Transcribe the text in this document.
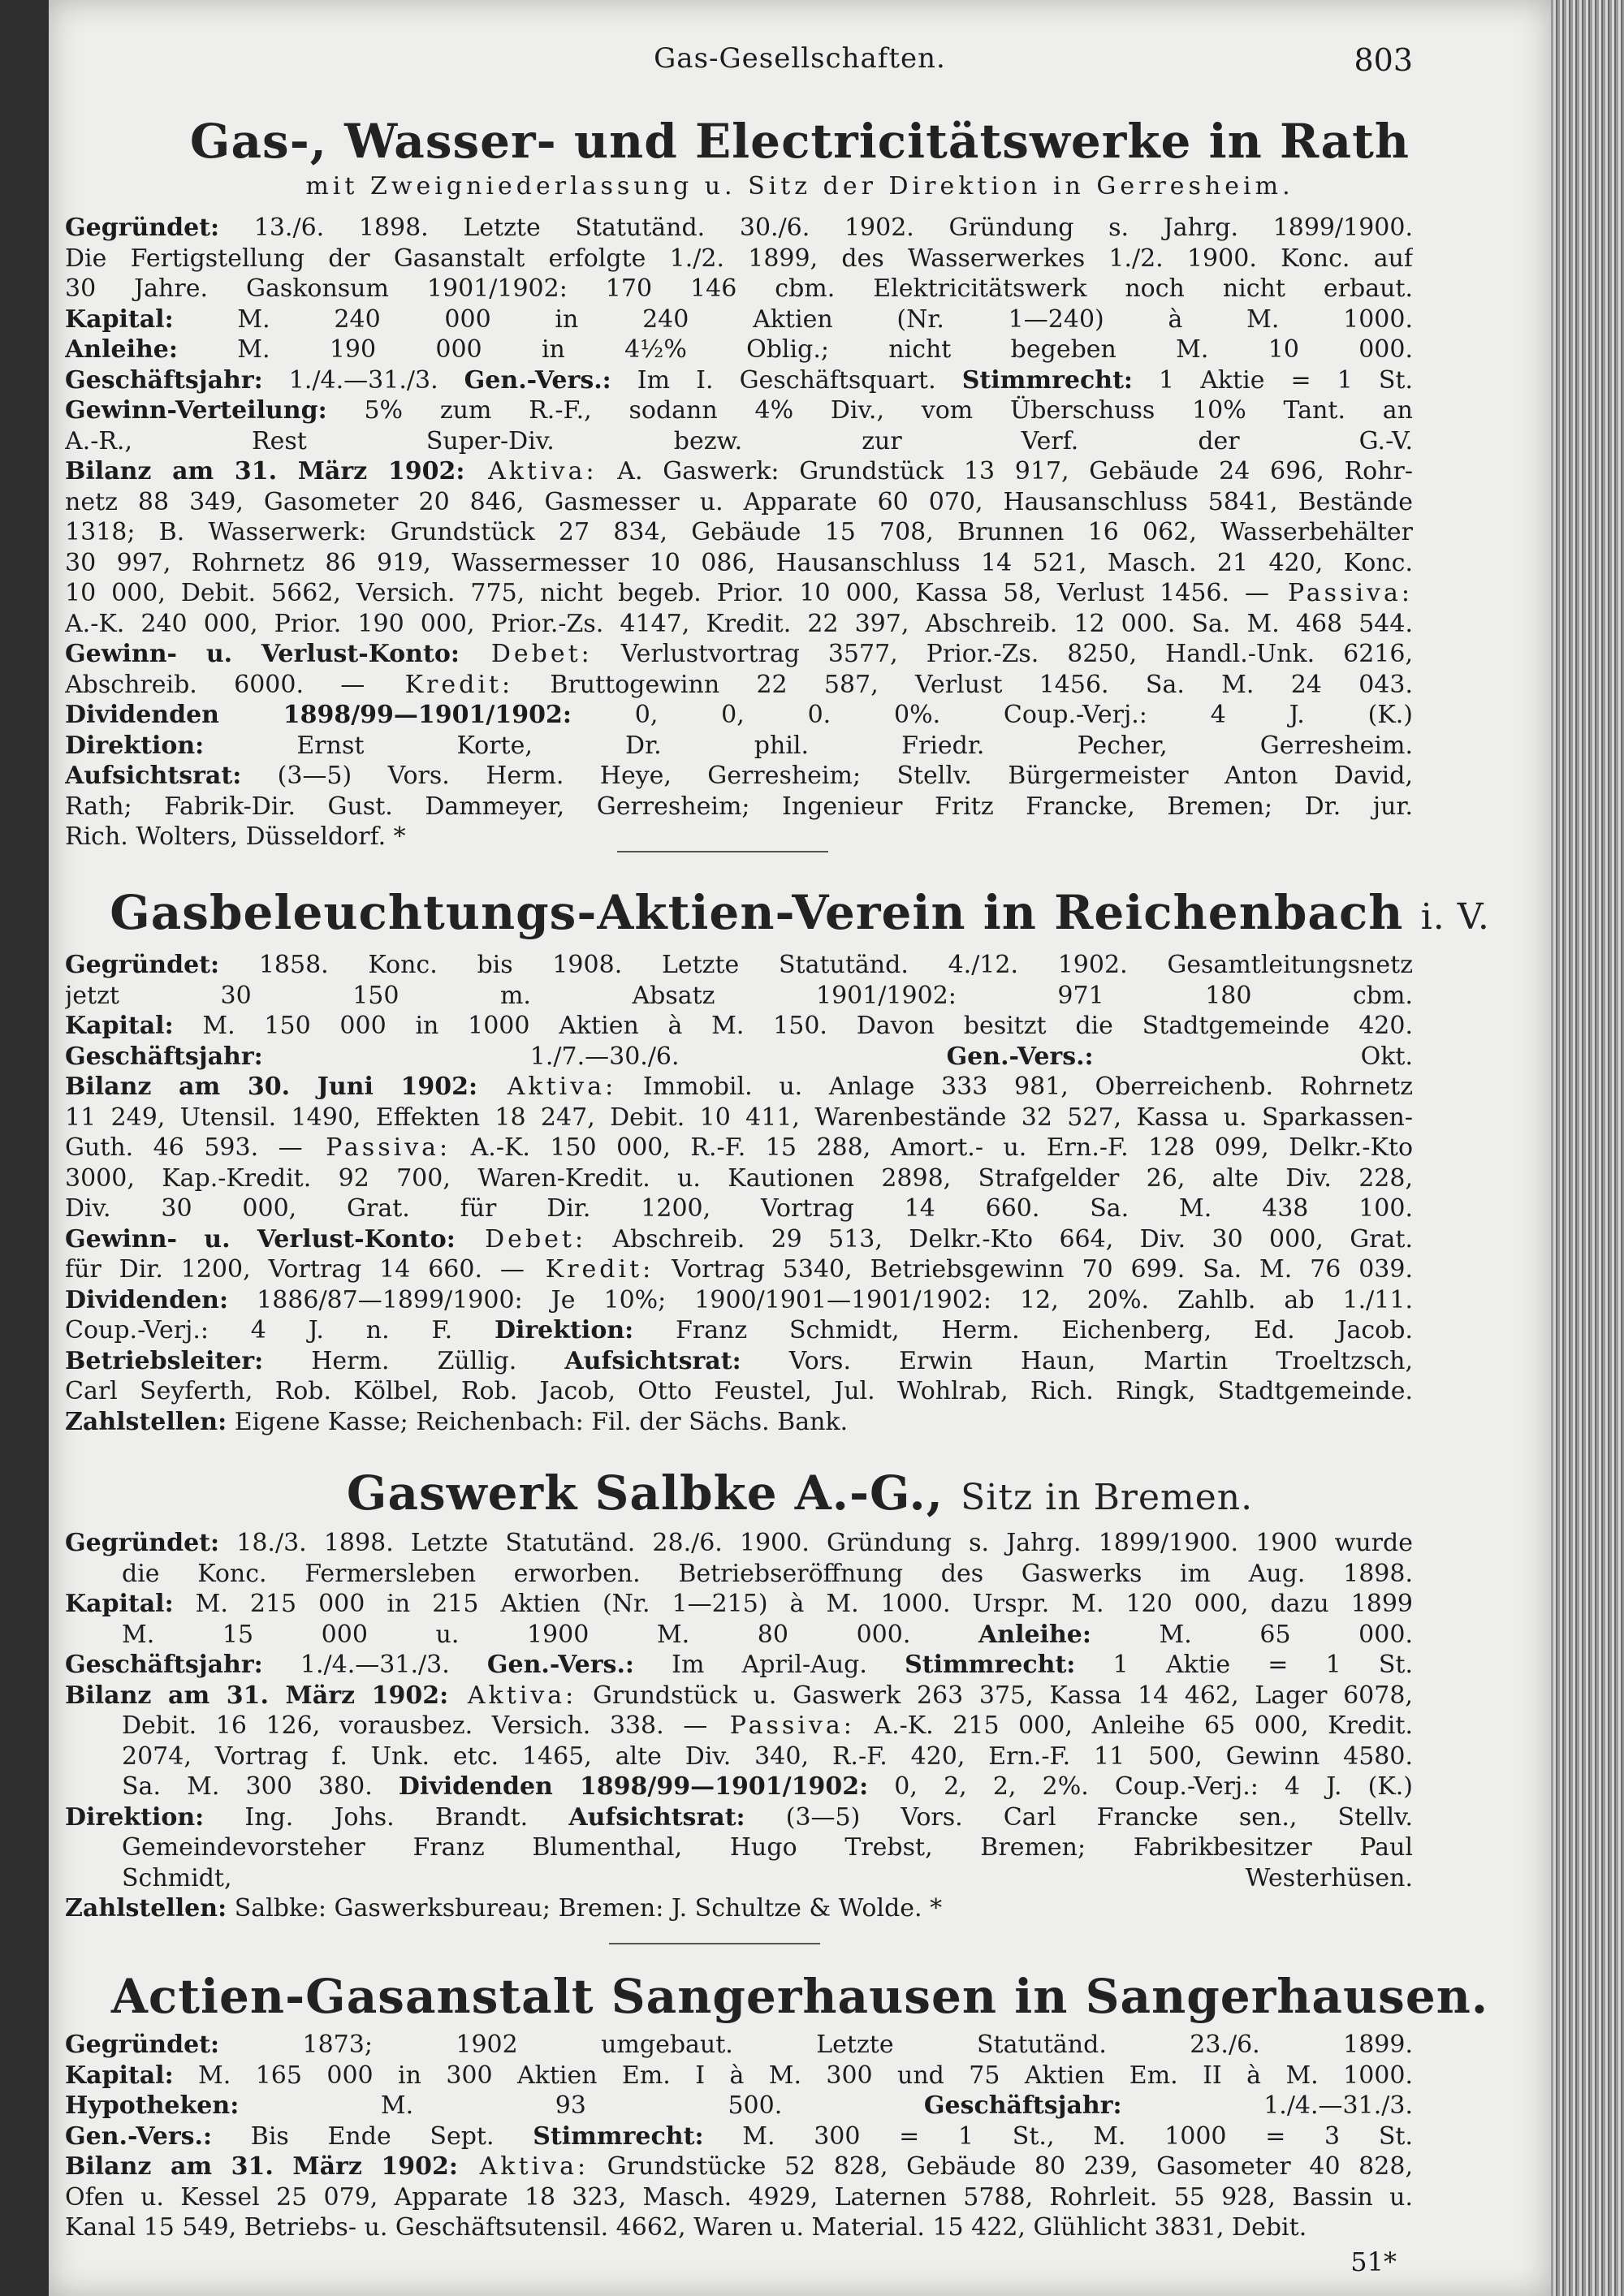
Gas-Gesellschaften.	803
Gas-, Wasser- und Electricitätswerke in Rath
mit Zweigniederlassung u. Sitz der Direktion in Gerresheim.
Gegründet: 13./6. 1898. Letzte Statutänd. 30./6. 1902. Gründung s. Jahrg. 1899/1900.
Die Fertigstellung der Gasanstalt erfolgte 1./2. 1899, des Wasserwerkes 1./2. 1900. Konc. auf
30 Jahre. Gaskonsum 1901/1902: 170 146 cbm. Elektricitätswerk noch nicht erbaut.
Kapital: M. 240 000 in 240 Aktien (Nr. 1—240) à M. 1000.
Anleihe: M. 190 000 in 4½% Oblig.; nicht begeben M. 10 000.
Geschäftsjahr: 1./4.—31./3. Gen.-Vers.: Im I. Geschäftsquart. Stimmrecht: 1 Aktie = 1 St.
Gewinn-Verteilung: 5% zum R.-F., sodann 4% Div., vom Überschuss 10% Tant. an
A.-R., Rest Super-Div. bezw. zur Verf. der G.-V.
Bilanz am 31. März 1902: Aktiva: A. Gaswerk: Grundstück 13 917, Gebäude 24 696, Rohr-
netz 88 349, Gasometer 20 846, Gasmesser u. Apparate 60 070, Hausanschluss 5841, Bestände
1318; B. Wasserwerk: Grundstück 27 834, Gebäude 15 708, Brunnen 16 062, Wasserbehälter
30 997, Rohrnetz 86 919, Wassermesser 10 086, Hausanschluss 14 521, Masch. 21 420, Konc.
10 000, Debit. 5662, Versich. 775, nicht begeb. Prior. 10 000, Kassa 58, Verlust 1456. — Passiva:
A.-K. 240 000, Prior. 190 000, Prior.-Zs. 4147, Kredit. 22 397, Abschreib. 12 000. Sa. M. 468 544.
Gewinn- u. Verlust-Konto: Debet: Verlustvortrag 3577, Prior.-Zs. 8250, Handl.-Unk. 6216,
Abschreib. 6000. — Kredit: Bruttogewinn 22 587, Verlust 1456. Sa. M. 24 043.
Dividenden 1898/99—1901/1902: 0, 0, 0. 0%. Coup.-Verj.: 4 J. (K.)
Direktion: Ernst Korte, Dr. phil. Friedr. Pecher, Gerresheim.
Aufsichtsrat: (3—5) Vors. Herm. Heye, Gerresheim; Stellv. Bürgermeister Anton David,
Rath; Fabrik-Dir. Gust. Dammeyer, Gerresheim; Ingenieur Fritz Francke, Bremen; Dr. jur.
Rich. Wolters, Düsseldorf. *
Gasbeleuchtungs-Aktien-Verein in Reichenbach i. V.
Gegründet: 1858. Konc. bis 1908. Letzte Statutänd. 4./12. 1902. Gesamtleitungsnetz
jetzt 30 150 m. Absatz 1901/1902: 971 180 cbm.
Kapital: M. 150 000 in 1000 Aktien à M. 150. Davon besitzt die Stadtgemeinde 420.
Geschäftsjahr: 1./7.—30./6. Gen.-Vers.: Okt.
Bilanz am 30. Juni 1902: Aktiva: Immobil. u. Anlage 333 981, Oberreichenb. Rohrnetz
11 249, Utensil. 1490, Effekten 18 247, Debit. 10 411, Warenbestände 32 527, Kassa u. Sparkassen-
Guth. 46 593. — Passiva: A.-K. 150 000, R.-F. 15 288, Amort.- u. Ern.-F. 128 099, Delkr.-Kto
3000, Kap.-Kredit. 92 700, Waren-Kredit. u. Kautionen 2898, Strafgelder 26, alte Div. 228,
Div. 30 000, Grat. für Dir. 1200, Vortrag 14 660. Sa. M. 438 100.
Gewinn- u. Verlust-Konto: Debet: Abschreib. 29 513, Delkr.-Kto 664, Div. 30 000, Grat.
für Dir. 1200, Vortrag 14 660. — Kredit: Vortrag 5340, Betriebsgewinn 70 699. Sa. M. 76 039.
Dividenden: 1886/87—1899/1900: Je 10%; 1900/1901—1901/1902: 12, 20%. Zahlb. ab 1./11.
Coup.-Verj.: 4 J. n. F. Direktion: Franz Schmidt, Herm. Eichenberg, Ed. Jacob.
Betriebsleiter: Herm. Züllig. Aufsichtsrat: Vors. Erwin Haun, Martin Troeltzsch,
Carl Seyferth, Rob. Kölbel, Rob. Jacob, Otto Feustel, Jul. Wohlrab, Rich. Ringk, Stadtgemeinde.
Zahlstellen: Eigene Kasse; Reichenbach: Fil. der Sächs. Bank.
Gaswerk Salbke A.-G., Sitz in Bremen.
Gegründet: 18./3. 1898. Letzte Statutänd. 28./6. 1900. Gründung s. Jahrg. 1899/1900. 1900 wurde
die Konc. Fermersleben erworben. Betriebseröffnung des Gaswerks im Aug. 1898.
Kapital: M. 215 000 in 215 Aktien (Nr. 1—215) à M. 1000. Urspr. M. 120 000, dazu 1899
M. 15 000 u. 1900 M. 80 000. Anleihe: M. 65 000.
Geschäftsjahr: 1./4.—31./3. Gen.-Vers.: Im April-Aug. Stimmrecht: 1 Aktie = 1 St.
Bilanz am 31. März 1902: Aktiva: Grundstück u. Gaswerk 263 375, Kassa 14 462, Lager 6078,
Debit. 16 126, vorausbez. Versich. 338. — Passiva: A.-K. 215 000, Anleihe 65 000, Kredit.
2074, Vortrag f. Unk. etc. 1465, alte Div. 340, R.-F. 420, Ern.-F. 11 500, Gewinn 4580.
Sa. M. 300 380. Dividenden 1898/99—1901/1902: 0, 2, 2, 2%. Coup.-Verj.: 4 J. (K.)
Direktion: Ing. Johs. Brandt. Aufsichtsrat: (3—5) Vors. Carl Francke sen., Stellv.
Gemeindevorsteher Franz Blumenthal, Hugo Trebst, Bremen; Fabrikbesitzer Paul
Schmidt, Westerhüsen.
Zahlstellen: Salbke: Gaswerksbureau; Bremen: J. Schultze & Wolde. *
Actien-Gasanstalt Sangerhausen in Sangerhausen.
Gegründet: 1873; 1902 umgebaut. Letzte Statutänd. 23./6. 1899.
Kapital: M. 165 000 in 300 Aktien Em. I à M. 300 und 75 Aktien Em. II à M. 1000.
Hypotheken: M. 93 500. Geschäftsjahr: 1./4.—31./3.
Gen.-Vers.: Bis Ende Sept. Stimmrecht: M. 300 = 1 St., M. 1000 = 3 St.
Bilanz am 31. März 1902: Aktiva: Grundstücke 52 828, Gebäude 80 239, Gasometer 40 828,
Ofen u. Kessel 25 079, Apparate 18 323, Masch. 4929, Laternen 5788, Rohrleit. 55 928, Bassin u.
Kanal 15 549, Betriebs- u. Geschäftsutensil. 4662, Waren u. Material. 15 422, Glühlicht 3831, Debit.
51*
